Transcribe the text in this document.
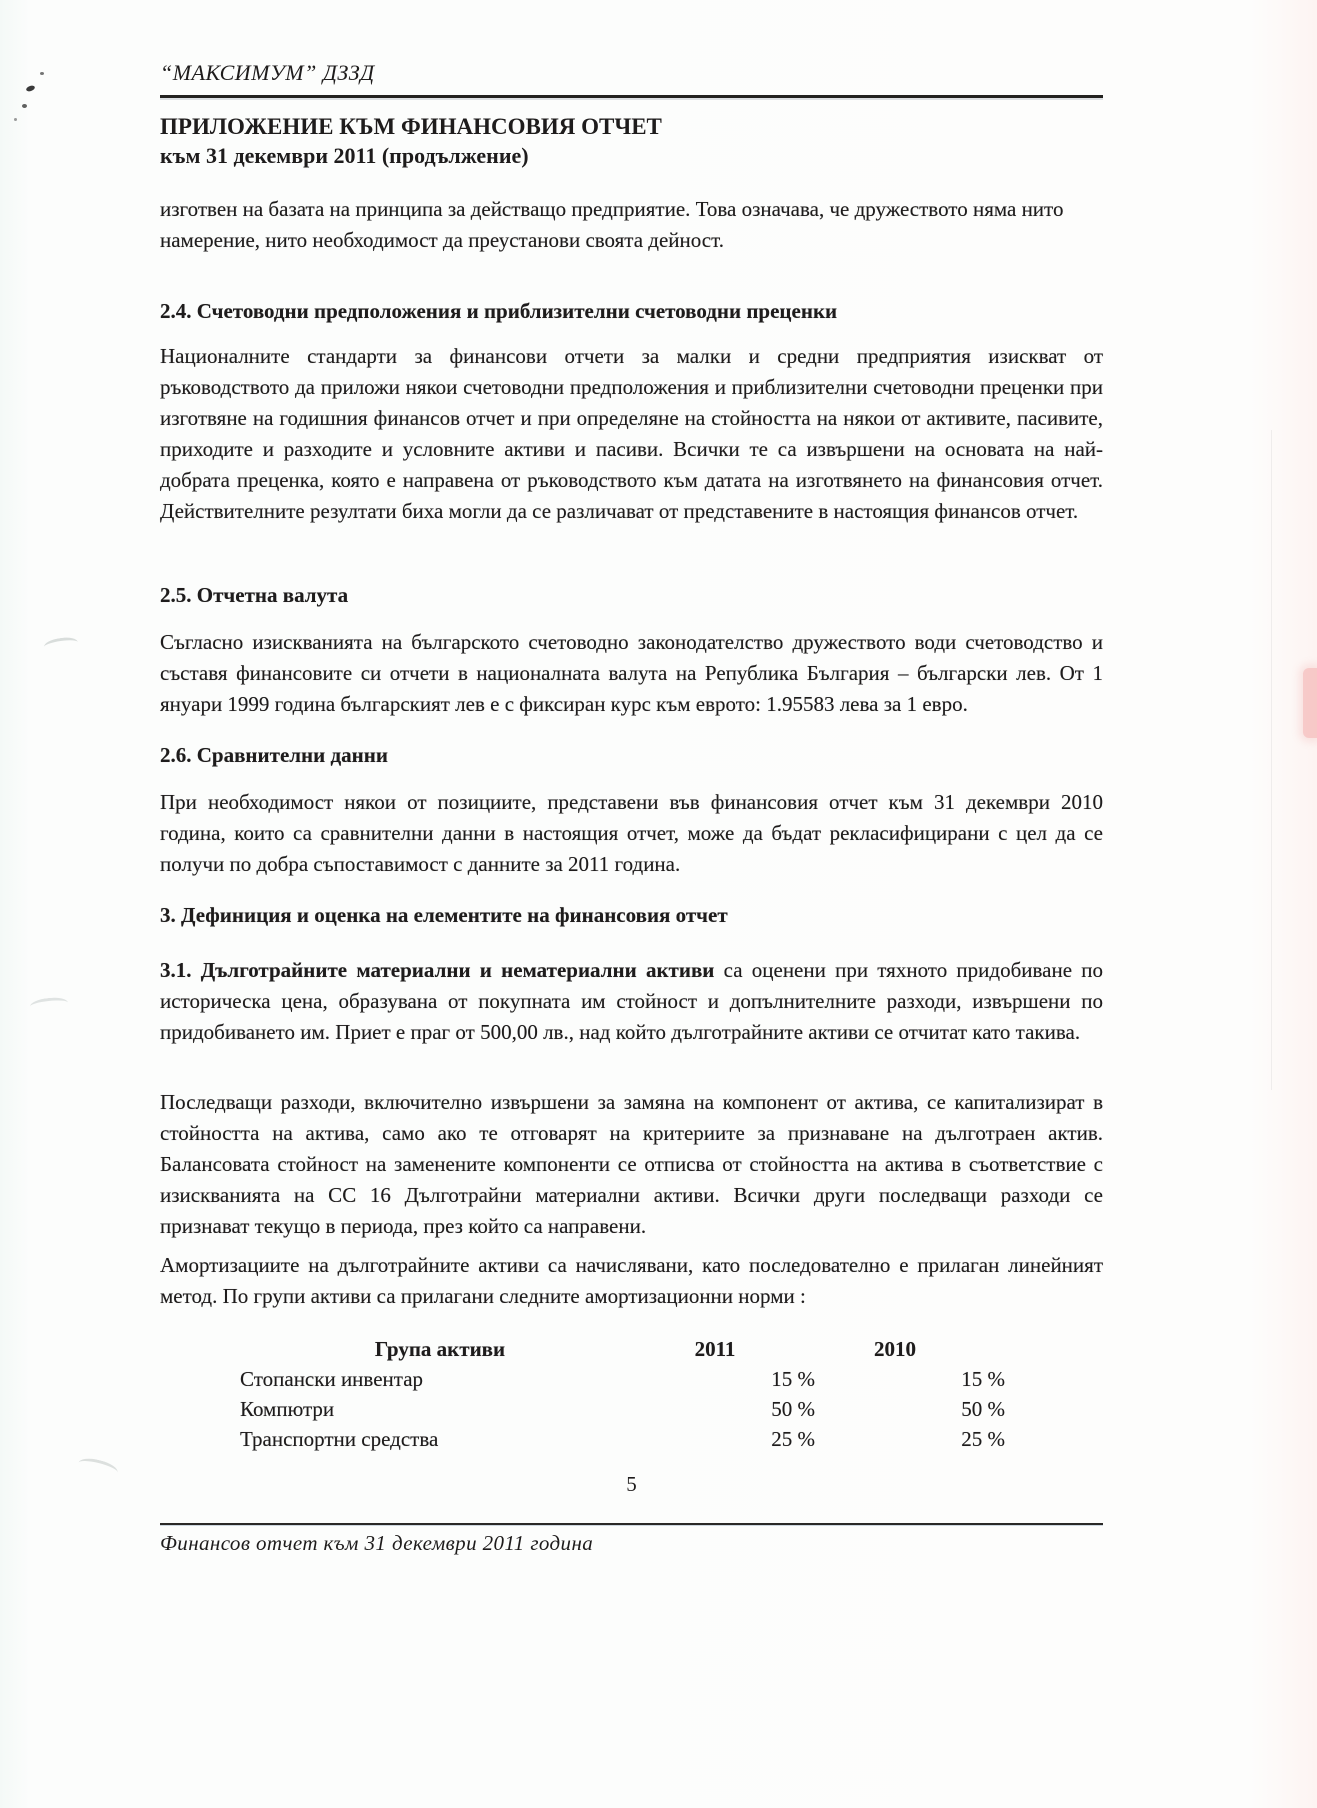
“МАКСИМУМ” ДЗЗД
ПРИЛОЖЕНИЕ КЪМ ФИНАНСОВИЯ ОТЧЕТ
към 31 декември 2011 (продължение)

изготвен на базата на принципа за действащо предприятие. Това означава, че дружеството няма нито намерение, нито необходимост да преустанови своята дейност.

2.4. Счетоводни предположения и приблизителни счетоводни преценки

Националните стандарти за финансови отчети за малки и средни предприятия изискват от ръководството да приложи някои счетоводни предположения и приблизителни счетоводни преценки при изготвяне на годишния финансов отчет и при определяне на стойността на някои от активите, пасивите, приходите и разходите и условните активи и пасиви. Всички те са извършени на основата на най-добрата преценка, която е направена от ръководството към датата на изготвянето на финансовия отчет. Действителните резултати биха могли да се различават от представените в настоящия финансов отчет.

2.5. Отчетна валута

Съгласно изискванията на българското счетоводно законодателство дружеството води счетоводство и съставя финансовите си отчети в националната валута на Република България – български лев. От 1 януари 1999 година българският лев е с фиксиран курс към еврото: 1.95583 лева за 1 евро.

2.6. Сравнителни данни

При необходимост някои от позициите, представени във финансовия отчет към 31 декември 2010 година, които са сравнителни данни в настоящия отчет, може да бъдат рекласифицирани с цел да се получи по добра съпоставимост с данните за 2011 година.

3. Дефиниция и оценка на елементите на финансовия отчет

3.1. Дълготрайните материални и нематериални активи са оценени при тяхното придобиване по историческа цена, образувана от покупната им стойност и допълнителните разходи, извършени по придобиването им. Приет е праг от 500,00 лв., над който дълготрайните активи се отчитат като такива.

Последващи разходи, включително извършени за замяна на компонент от актива, се капитализират в стойността на актива, само ако те отговарят на критериите за признаване на дълготраен актив. Балансовата стойност на заменените компоненти се отписва от стойността на актива в съответствие с изискванията на СС 16 Дълготрайни материални активи. Всички други последващи разходи се признават текущо в периода, през който са направени.

Амортизациите на дълготрайните активи са начислявани, като последователно е прилаган линейният метод. По групи активи са прилагани следните амортизационни норми :

Група активи	2011	2010
Стопански инвентар	15 %	15 %
Компютри	50 %	50 %
Транспортни средства	25 %	25 %
5
Финансов отчет към 31 декември 2011 година
